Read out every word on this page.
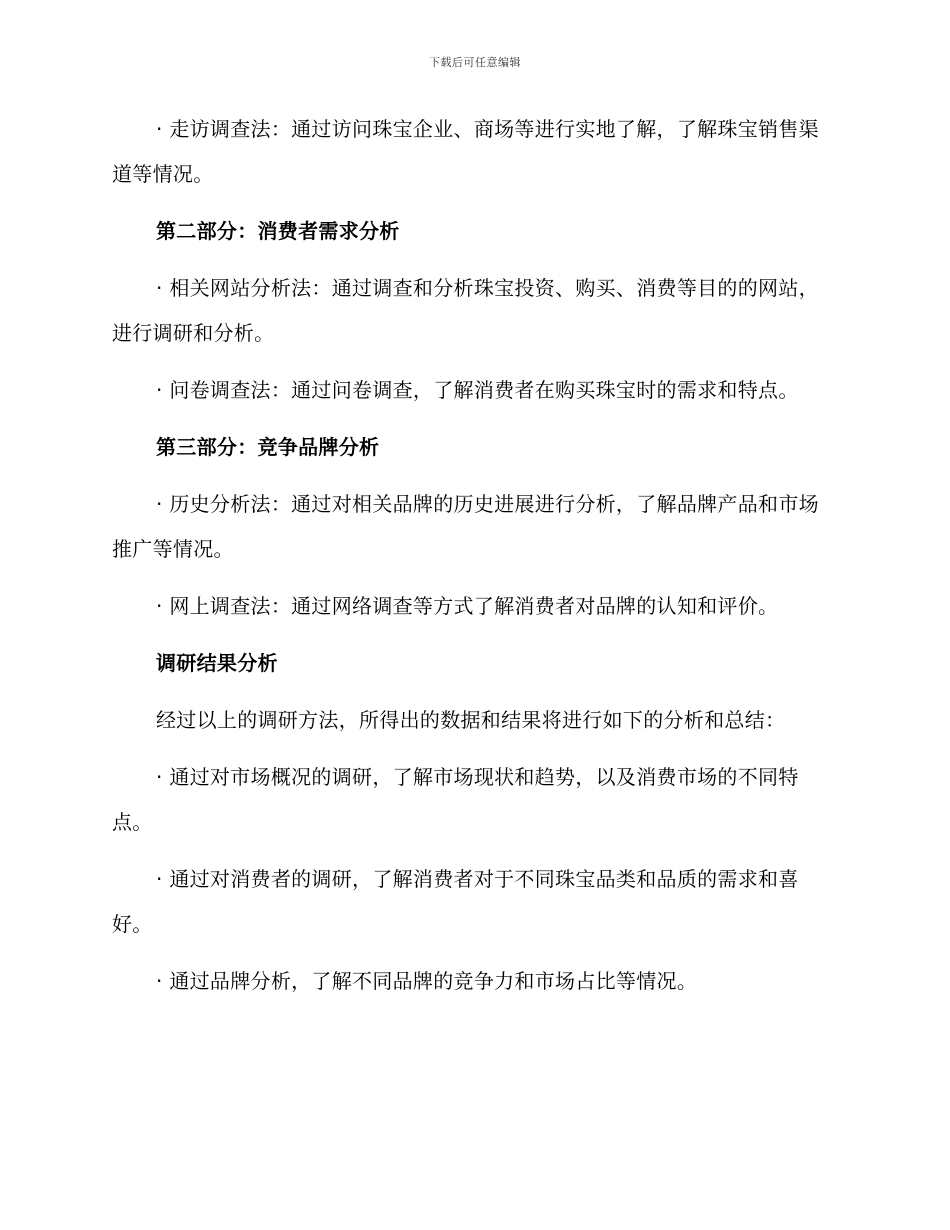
下载后可任意编辑

· 走访调查法：通过访问珠宝企业、商场等进行实地了解，了解珠宝销售渠道等情况。

第二部分：消费者需求分析

· 相关网站分析法：通过调查和分析珠宝投资、购买、消费等目的的网站，进行调研和分析。

· 问卷调查法：通过问卷调查，了解消费者在购买珠宝时的需求和特点。

第三部分：竞争品牌分析

· 历史分析法：通过对相关品牌的历史进展进行分析，了解品牌产品和市场推广等情况。

· 网上调查法：通过网络调查等方式了解消费者对品牌的认知和评价。

调研结果分析

经过以上的调研方法，所得出的数据和结果将进行如下的分析和总结：

· 通过对市场概况的调研，了解市场现状和趋势，以及消费市场的不同特点。

· 通过对消费者的调研，了解消费者对于不同珠宝品类和品质的需求和喜好。

· 通过品牌分析，了解不同品牌的竞争力和市场占比等情况。
